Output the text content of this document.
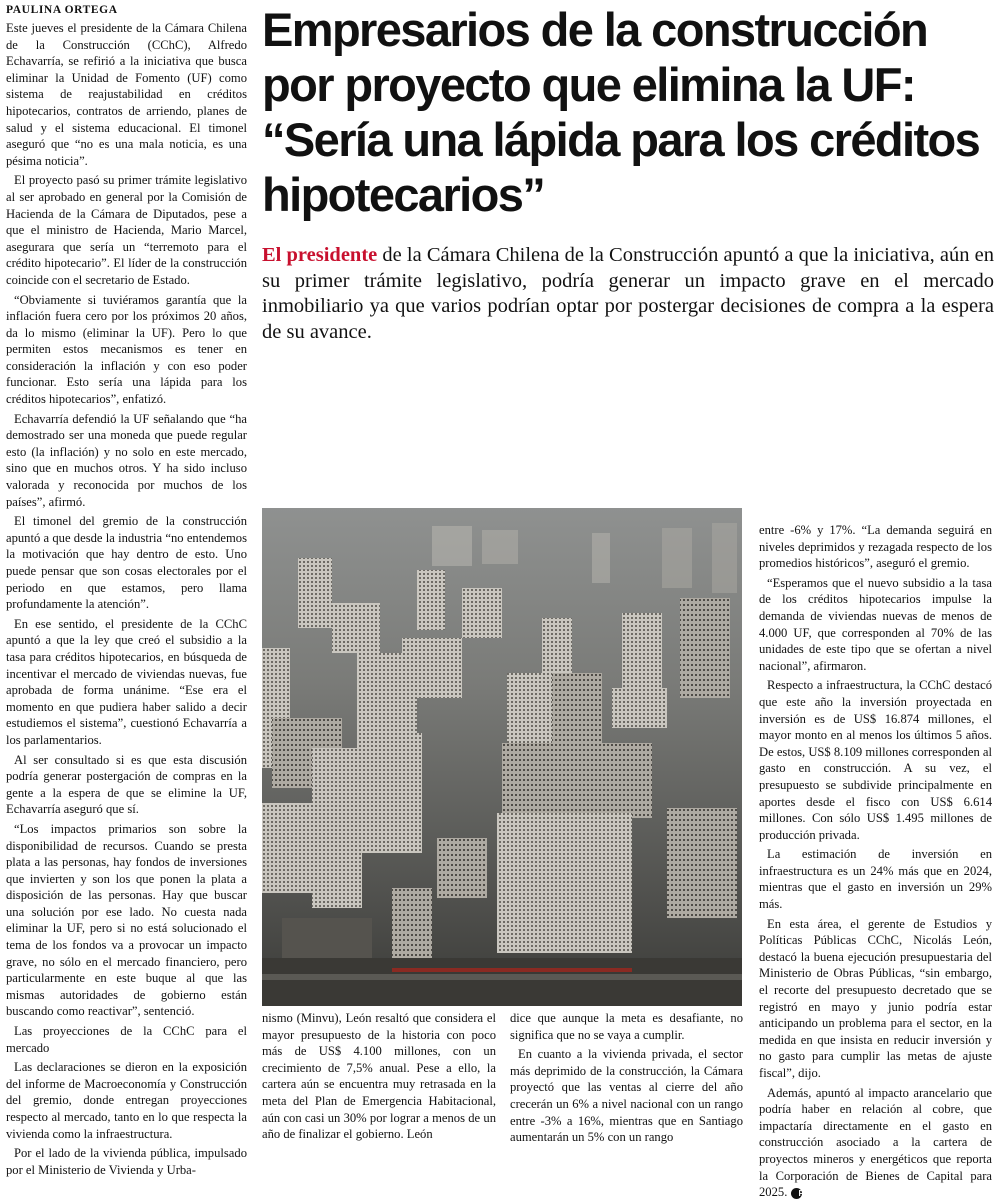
PAULINA ORTEGA

Este jueves el presidente de la Cámara Chilena de la Construcción (CChC), Alfredo Echavarría, se refirió a la iniciativa que busca eliminar la Unidad de Fomento (UF) como sistema de reajustabilidad en créditos hipotecarios, contratos de arriendo, planes de salud y el sistema educacional. El timonel aseguró que “no es una mala noticia, es una pésima noticia”.

El proyecto pasó su primer trámite legislativo al ser aprobado en general por la Comisión de Hacienda de la Cámara de Diputados, pese a que el ministro de Hacienda, Mario Marcel, asegurara que sería un “terremoto para el crédito hipotecario”. El líder de la construcción coincide con el secretario de Estado.

“Obviamente si tuviéramos garantía que la inflación fuera cero por los próximos 20 años, da lo mismo (eliminar la UF). Pero lo que permiten estos mecanismos es tener en consideración la inflación y con eso poder funcionar. Esto sería una lápida para los créditos hipotecarios”, enfatizó.

Echavarría defendió la UF señalando que “ha demostrado ser una moneda que puede regular esto (la inflación) y no solo en este mercado, sino que en muchos otros. Y ha sido incluso valorada y reconocida por muchos de los países”, afirmó.

El timonel del gremio de la construcción apuntó a que desde la industria “no entendemos la motivación que hay dentro de esto. Uno puede pensar que son cosas electorales por el periodo en que estamos, pero llama profundamente la atención”.

En ese sentido, el presidente de la CChC apuntó a que la ley que creó el subsidio a la tasa para créditos hipotecarios, en búsqueda de incentivar el mercado de viviendas nuevas, fue aprobada de forma unánime. “Ese era el momento en que pudiera haber salido a decir estudiemos el sistema”, cuestionó Echavarría a los parlamentarios.

Al ser consultado si es que esta discusión podría generar postergación de compras en la gente a la espera de que se elimine la UF, Echavarría aseguró que sí.

“Los impactos primarios son sobre la disponibilidad de recursos. Cuando se presta plata a las personas, hay fondos de inversiones que invierten y son los que ponen la plata a disposición de las personas. Hay que buscar una solución por ese lado. No cuesta nada eliminar la UF, pero si no está solucionado el tema de los fondos va a provocar un impacto grave, no sólo en el mercado financiero, pero particularmente en este buque al que las mismas autoridades de gobierno están buscando como reactivar”, sentenció.

Las proyecciones de la CChC para el mercado

Las declaraciones se dieron en la exposición del informe de Macroeconomía y Construcción del gremio, donde entregan proyecciones respecto al mercado, tanto en lo que respecta la vivienda como la infraestructura.

Por el lado de la vivienda pública, impulsado por el Ministerio de Vivienda y Urba-

Empresarios de la construcción por proyecto que elimina la UF: “Sería una lápida para los créditos hipotecarios”

El presidente de la Cámara Chilena de la Construcción apuntó a que la iniciativa, aún en su primer trámite legislativo, podría generar un impacto grave en el mercado inmobiliario ya que varios podrían optar por postergar decisiones de compra a la espera de su avance.

nismo (Minvu), León resaltó que considera el mayor presupuesto de la historia con poco más de US$ 4.100 millones, con un crecimiento de 7,5% anual. Pese a ello, la cartera aún se encuentra muy retrasada en la meta del Plan de Emergencia Habitacional, aún con casi un 30% por lograr a menos de un año de finalizar el gobierno. León

dice que aunque la meta es desafiante, no significa que no se vaya a cumplir.

En cuanto a la vivienda privada, el sector más deprimido de la construcción, la Cámara proyectó que las ventas al cierre del año crecerán un 6% a nivel nacional con un rango entre -3% a 16%, mientras que en Santiago aumentarán un 5% con un rango

entre -6% y 17%. “La demanda seguirá en niveles deprimidos y rezagada respecto de los promedios históricos”, aseguró el gremio.

“Esperamos que el nuevo subsidio a la tasa de los créditos hipotecarios impulse la demanda de viviendas nuevas de menos de 4.000 UF, que corresponden al 70% de las unidades de este tipo que se ofertan a nivel nacional”, afirmaron.

Respecto a infraestructura, la CChC destacó que este año la inversión proyectada en inversión es de US$ 16.874 millones, el mayor monto en al menos los últimos 5 años. De estos, US$ 8.109 millones corresponden al gasto en construcción. A su vez, el presupuesto se subdivide principalmente en aportes desde el fisco con US$ 6.614 millones. Con sólo US$ 1.495 millones de producción privada.

La estimación de inversión en infraestructura es un 24% más que en 2024, mientras que el gasto en inversión un 29% más.

En esta área, el gerente de Estudios y Políticas Públicas CChC, Nicolás León, destacó la buena ejecución presupuestaria del Ministerio de Obras Públicas, “sin embargo, el recorte del presupuesto decretado que se registró en mayo y junio podría estar anticipando un problema para el sector, en la medida en que insista en reducir inversión y no gasto para cumplir las metas de ajuste fiscal”, dijo.

Además, apuntó al impacto arancelario que podría haber en relación al cobre, que impactaría directamente en el gasto en construcción asociado a la cartera de proyectos mineros y energéticos que reporta la Corporación de Bienes de Capital para 2025. P
